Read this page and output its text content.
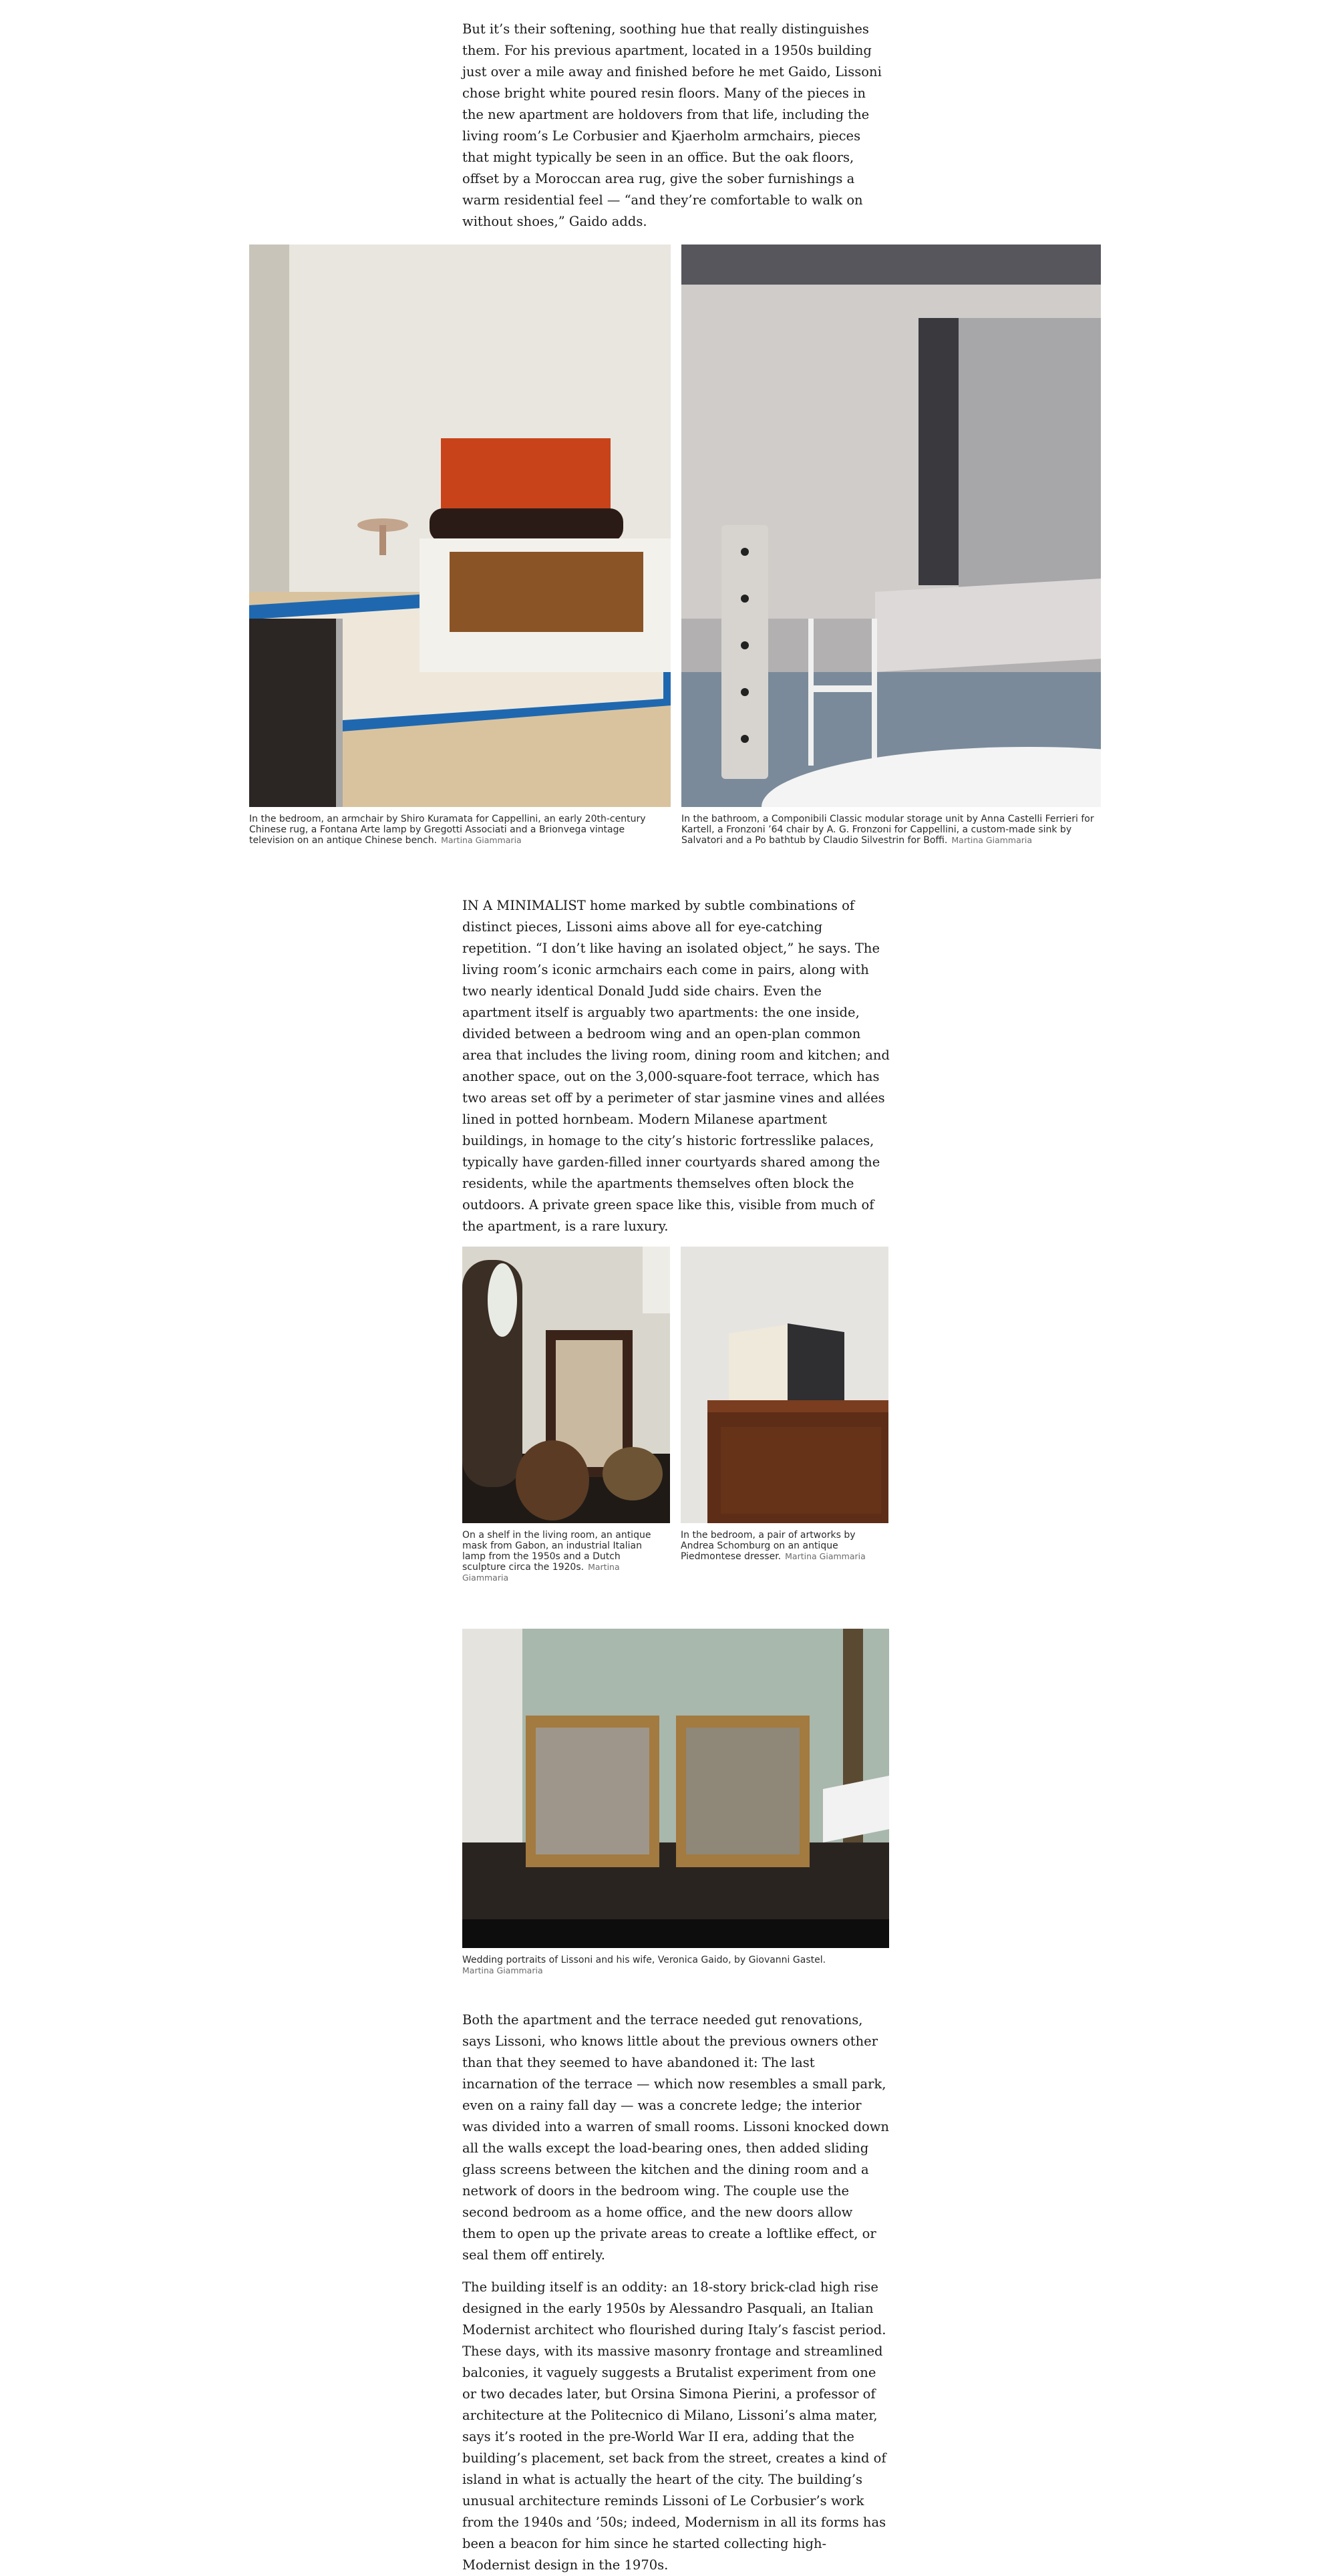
But it’s their softening, soothing hue that really distinguishes them. For his previous apartment, located in a 1950s building just over a mile away and finished before he met Gaido, Lissoni chose bright white poured resin floors. Many of the pieces in the new apartment are holdovers from that life, including the living room’s Le Corbusier and Kjaerholm armchairs, pieces that might typically be seen in an office. But the oak floors, offset by a Moroccan area rug, give the sober furnishings a warm residential feel — “and they’re comfortable to walk on without shoes,” Gaido adds.

In the bedroom, an armchair by Shiro Kuramata for Cappellini, an early 20th-century Chinese rug, a Fontana Arte lamp by Gregotti Associati and a Brionvega vintage television on an antique Chinese bench. Martina Giammaria
In the bathroom, a Componibili Classic modular storage unit by Anna Castelli Ferrieri for Kartell, a Fronzoni ’64 chair by A. G. Fronzoni for Cappellini, a custom-made sink by Salvatori and a Po bathtub by Claudio Silvestrin for Boffi. Martina Giammaria

IN A MINIMALIST home marked by subtle combinations of distinct pieces, Lissoni aims above all for eye-catching repetition. “I don’t like having an isolated object,” he says. The living room’s iconic armchairs each come in pairs, along with two nearly identical Donald Judd side chairs. Even the apartment itself is arguably two apartments: the one inside, divided between a bedroom wing and an open-plan common area that includes the living room, dining room and kitchen; and another space, out on the 3,000-square-foot terrace, which has two areas set off by a perimeter of star jasmine vines and allées lined in potted hornbeam. Modern Milanese apartment buildings, in homage to the city’s historic fortresslike palaces, typically have garden-filled inner courtyards shared among the residents, while the apartments themselves often block the outdoors. A private green space like this, visible from much of the apartment, is a rare luxury.

On a shelf in the living room, an antique mask from Gabon, an industrial Italian lamp from the 1950s and a Dutch sculpture circa the 1920s. Martina Giammaria
In the bedroom, a pair of artworks by Andrea Schomburg on an antique Piedmontese dresser. Martina Giammaria
Wedding portraits of Lissoni and his wife, Veronica Gaido, by Giovanni Gastel.
Martina Giammaria

Both the apartment and the terrace needed gut renovations, says Lissoni, who knows little about the previous owners other than that they seemed to have abandoned it: The last incarnation of the terrace — which now resembles a small park, even on a rainy fall day — was a concrete ledge; the interior was divided into a warren of small rooms. Lissoni knocked down all the walls except the load-bearing ones, then added sliding glass screens between the kitchen and the dining room and a network of doors in the bedroom wing. The couple use the second bedroom as a home office, and the new doors allow them to open up the private areas to create a loftlike effect, or seal them off entirely.

The building itself is an oddity: an 18-story brick-clad high rise designed in the early 1950s by Alessandro Pasquali, an Italian Modernist architect who flourished during Italy’s fascist period. These days, with its massive masonry frontage and streamlined balconies, it vaguely suggests a Brutalist experiment from one or two decades later, but Orsina Simona Pierini, a professor of architecture at the Politecnico di Milano, Lissoni’s alma mater, says it’s rooted in the pre-World War II era, adding that the building’s placement, set back from the street, creates a kind of island in what is actually the heart of the city. The building’s unusual architecture reminds Lissoni of Le Corbusier’s work from the 1940s and ’50s; indeed, Modernism in all its forms has been a beacon for him since he started collecting high-Modernist design in the 1970s.
